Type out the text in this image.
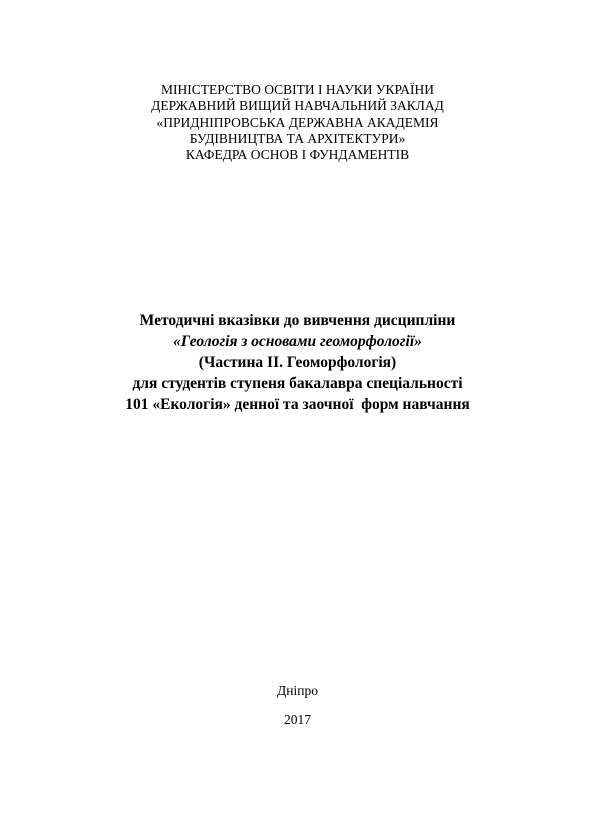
МІНІСТЕРСТВО ОСВІТИ І НАУКИ УКРАЇНИ
ДЕРЖАВНИЙ ВИЩИЙ НАВЧАЛЬНИЙ ЗАКЛАД
«ПРИДНІПРОВСЬКА ДЕРЖАВНА АКАДЕМІЯ
БУДІВНИЦТВА ТА АРХІТЕКТУРИ»
КАФЕДРА ОСНОВ І ФУНДАМЕНТІВ
Методичні вказівки до вивчення дисципліни
«Геологія з основами геоморфології»
(Частина ІІ. Геоморфологія)
для студентів ступеня бакалавра спеціальності
101 «Екологія» денної та заочної  форм навчання
Дніпро
2017
